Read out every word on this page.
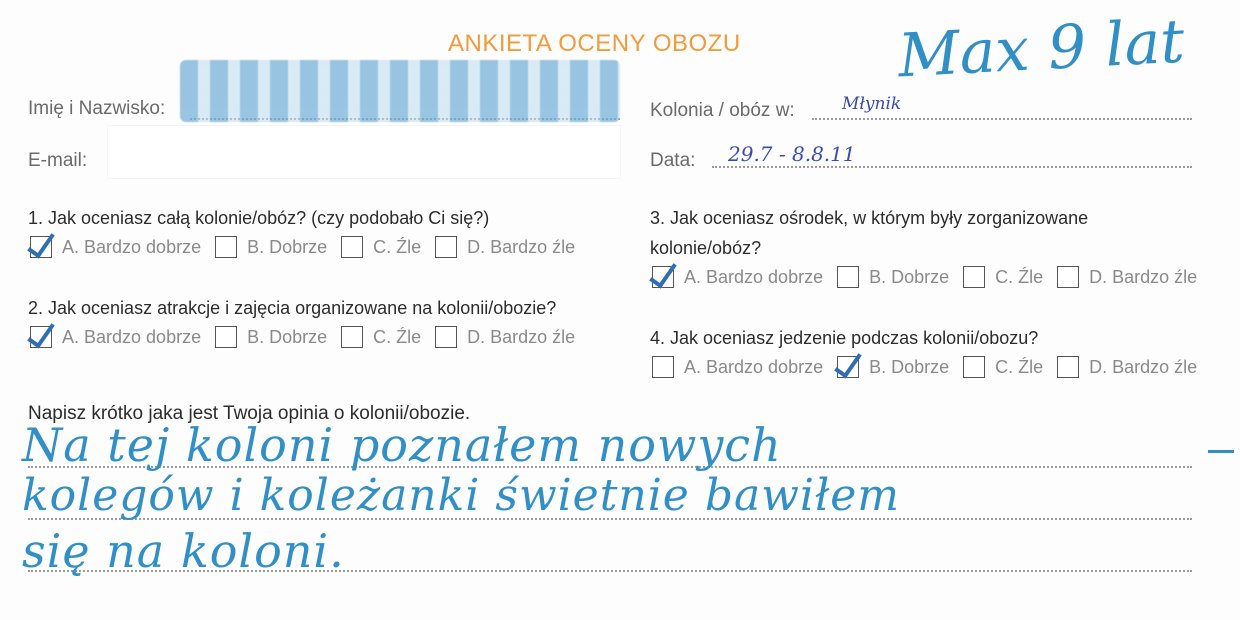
ANKIETA OCENY OBOZU	Max 9 lat
Imię i Nazwisko:
E-mail:
Kolonia / obóz w:	Młynik
Data: 29.7 - 8.8.11
1. Jak oceniasz całą kolonie/obóz? (czy podobało Ci się?)
A. Bardzo dobrze	B. Dobrze	C. Źle	D. Bardzo źle
2. Jak oceniasz atrakcje i zajęcia organizowane na kolonii/obozie?
A. Bardzo dobrze	B. Dobrze	C. Źle	D. Bardzo źle
3. Jak oceniasz ośrodek, w którym były zorganizowane
kolonie/obóz?
A. Bardzo dobrze	B. Dobrze	C. Źle	D. Bardzo źle
4. Jak oceniasz jedzenie podczas kolonii/obozu?
A. Bardzo dobrze	B. Dobrze	C. Źle	D. Bardzo źle
Napisz krótko jaka jest Twoja opinia o kolonii/obozie.
Na tej koloni poznałem nowych
kolegów i koleżanki świetnie bawiłem
się na koloni.
